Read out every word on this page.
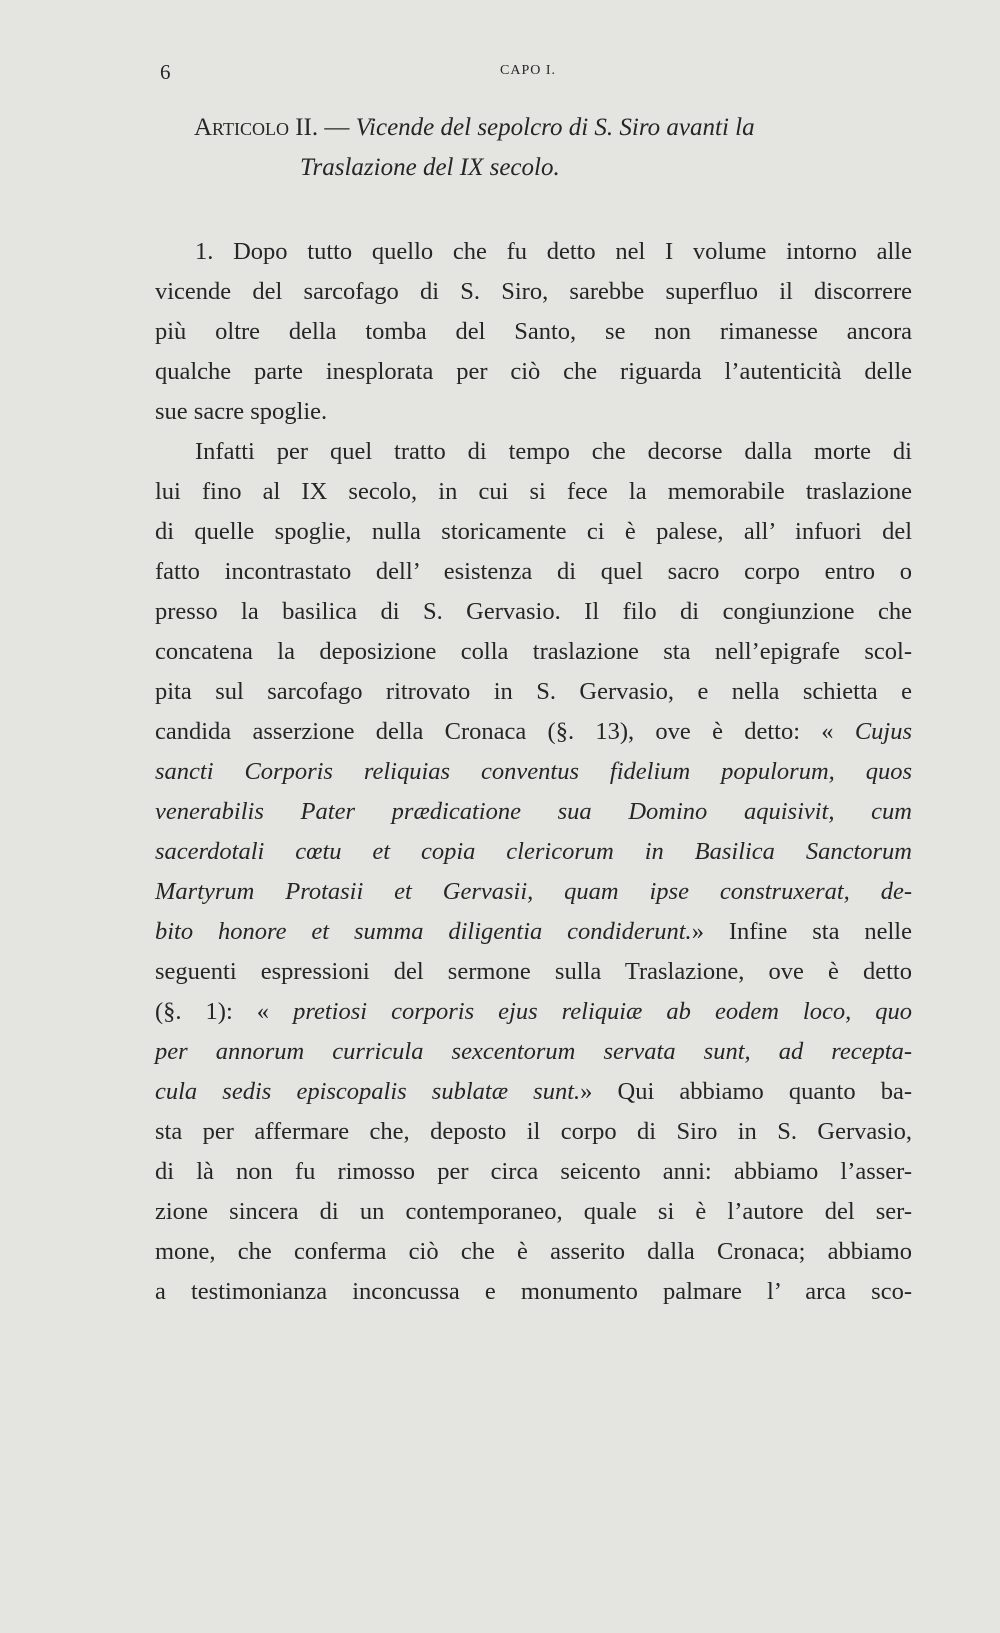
6	CAPO I.
Articolo II. — Vicende del sepolcro di S. Siro avanti la
Traslazione del IX secolo.
1. Dopo tutto quello che fu detto nel I volume intorno alle
vicende del sarcofago di S. Siro, sarebbe superfluo il discorrere
più oltre della tomba del Santo, se non rimanesse ancora
qualche parte inesplorata per ciò che riguarda l’autenticità delle
sue sacre spoglie.
Infatti per quel tratto di tempo che decorse dalla morte di
lui fino al IX secolo, in cui si fece la memorabile traslazione
di quelle spoglie, nulla storicamente ci è palese, all’ infuori del
fatto incontrastato dell’ esistenza di quel sacro corpo entro o
presso la basilica di S. Gervasio. Il filo di congiunzione che
concatena la deposizione colla traslazione sta nell’epigrafe scol-
pita sul sarcofago ritrovato in S. Gervasio, e nella schietta e
candida asserzione della Cronaca (§. 13), ove è detto: « Cujus
sancti Corporis reliquias conventus fidelium populorum, quos
venerabilis Pater prædicatione sua Domino aquisivit, cum
sacerdotali cœtu et copia clericorum in Basilica Sanctorum
Martyrum Protasii et Gervasii, quam ipse construxerat, de-
bito honore et summa diligentia condiderunt.» Infine sta nelle
seguenti espressioni del sermone sulla Traslazione, ove è detto
(§. 1): « pretiosi corporis ejus reliquiæ ab eodem loco, quo
per annorum curricula sexcentorum servata sunt, ad recepta-
cula sedis episcopalis sublatæ sunt.» Qui abbiamo quanto ba-
sta per affermare che, deposto il corpo di Siro in S. Gervasio,
di là non fu rimosso per circa seicento anni: abbiamo l’asser-
zione sincera di un contemporaneo, quale si è l’autore del ser-
mone, che conferma ciò che è asserito dalla Cronaca; abbiamo
a testimonianza inconcussa e monumento palmare l’ arca sco-
